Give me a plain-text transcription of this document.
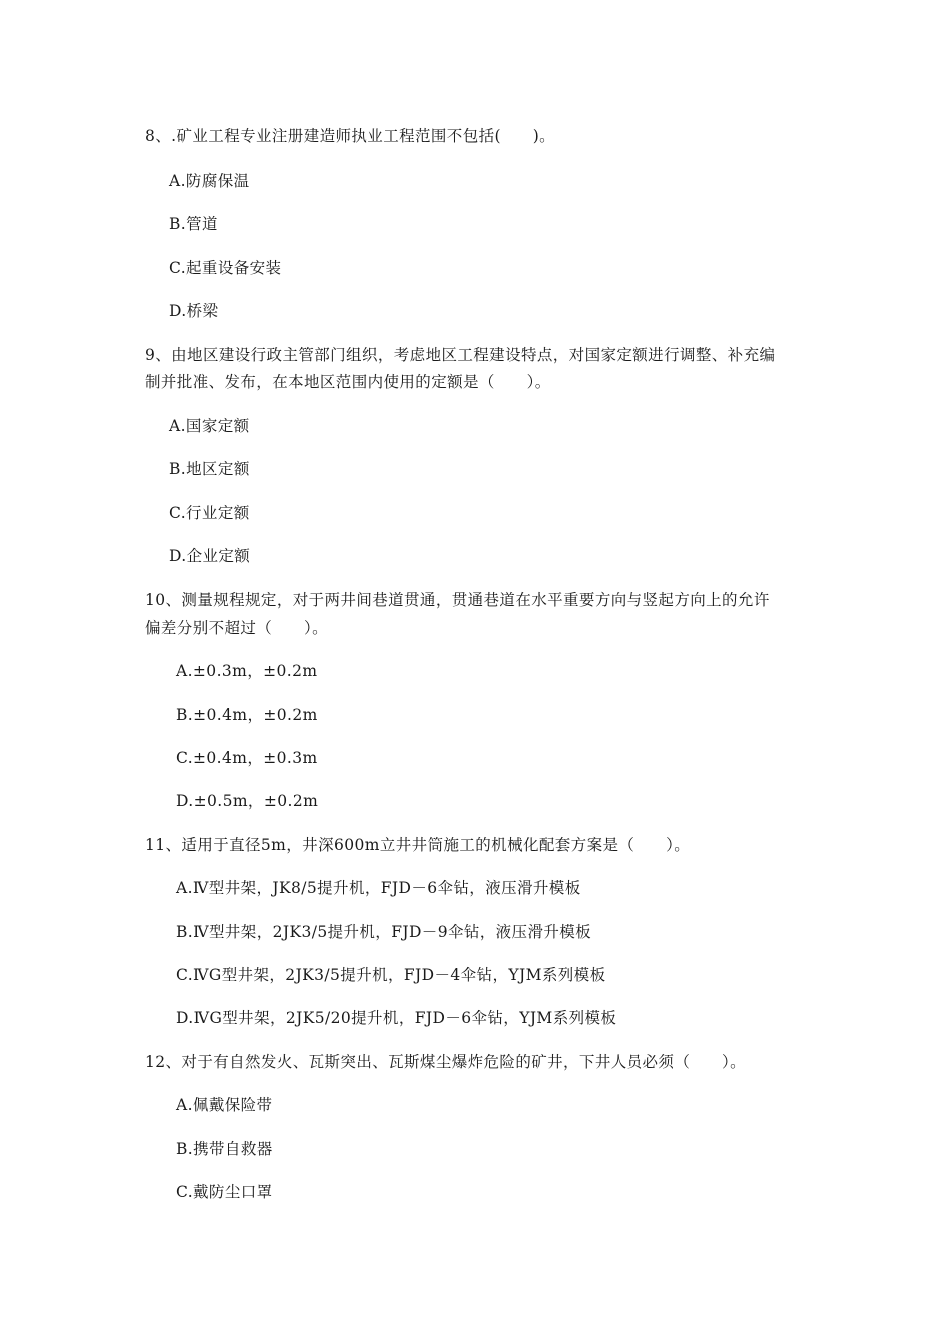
8、.矿业工程专业注册建造师执业工程范围不包括(　　)。
A.防腐保温
B.管道
C.起重设备安装
D.桥梁
9、由地区建设行政主管部门组织，考虑地区工程建设特点，对国家定额进行调整、补充编
制并批准、发布，在本地区范围内使用的定额是（　　）。
A.国家定额
B.地区定额
C.行业定额
D.企业定额
10、测量规程规定，对于两井间巷道贯通，贯通巷道在水平重要方向与竖起方向上的允许
偏差分别不超过（　　）。
A.±0.3m，±0.2m
B.±0.4m，±0.2m
C.±0.4m，±0.3m
D.±0.5m，±0.2m
11、适用于直径5m，井深600m立井井筒施工的机械化配套方案是（　　）。
A.Ⅳ型井架，JK8/5提升机，FJD－6伞钻，液压滑升模板
B.Ⅳ型井架，2JK3/5提升机，FJD－9伞钻，液压滑升模板
C.ⅣG型井架，2JK3/5提升机，FJD－4伞钻，YJM系列模板
D.ⅣG型井架，2JK5/20提升机，FJD－6伞钻，YJM系列模板
12、对于有自然发火、瓦斯突出、瓦斯煤尘爆炸危险的矿井，下井人员必须（　　）。
A.佩戴保险带
B.携带自救器
C.戴防尘口罩
